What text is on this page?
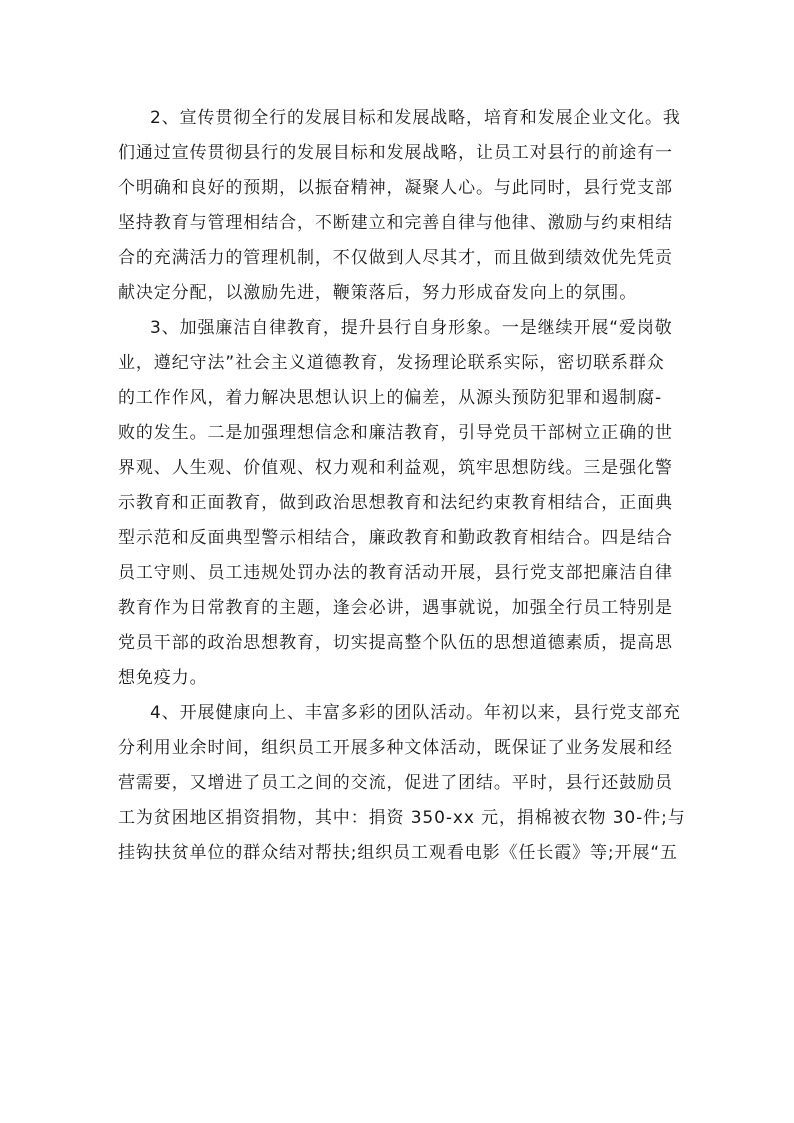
2、宣传贯彻全行的发展目标和发展战略，培育和发展企业文化。我
们通过宣传贯彻县行的发展目标和发展战略，让员工对县行的前途有一
个明确和良好的预期，以振奋精神，凝聚人心。与此同时，县行党支部
坚持教育与管理相结合，不断建立和完善自律与他律、激励与约束相结
合的充满活力的管理机制，不仅做到人尽其才，而且做到绩效优先凭贡
献决定分配，以激励先进，鞭策落后，努力形成奋发向上的氛围。
3、加强廉洁自律教育，提升县行自身形象。一是继续开展“爱岗敬
业，遵纪守法”社会主义道德教育，发扬理论联系实际，密切联系群众
的工作作风，着力解决思想认识上的偏差，从源头预防犯罪和遏制腐-
败的发生。二是加强理想信念和廉洁教育，引导党员干部树立正确的世
界观、人生观、价值观、权力观和利益观，筑牢思想防线。三是强化警
示教育和正面教育，做到政治思想教育和法纪约束教育相结合，正面典
型示范和反面典型警示相结合，廉政教育和勤政教育相结合。四是结合
员工守则、员工违规处罚办法的教育活动开展，县行党支部把廉洁自律
教育作为日常教育的主题，逢会必讲，遇事就说，加强全行员工特别是
党员干部的政治思想教育，切实提高整个队伍的思想道德素质，提高思
想免疫力。
4、开展健康向上、丰富多彩的团队活动。年初以来，县行党支部充
分利用业余时间，组织员工开展多种文体活动，既保证了业务发展和经
营需要，又增进了员工之间的交流，促进了团结。平时，县行还鼓励员
工为贫困地区捐资捐物，其中：捐资 350-xx 元，捐棉被衣物 30-件;与
挂钩扶贫单位的群众结对帮扶;组织员工观看电影《任长霞》等;开展“五
